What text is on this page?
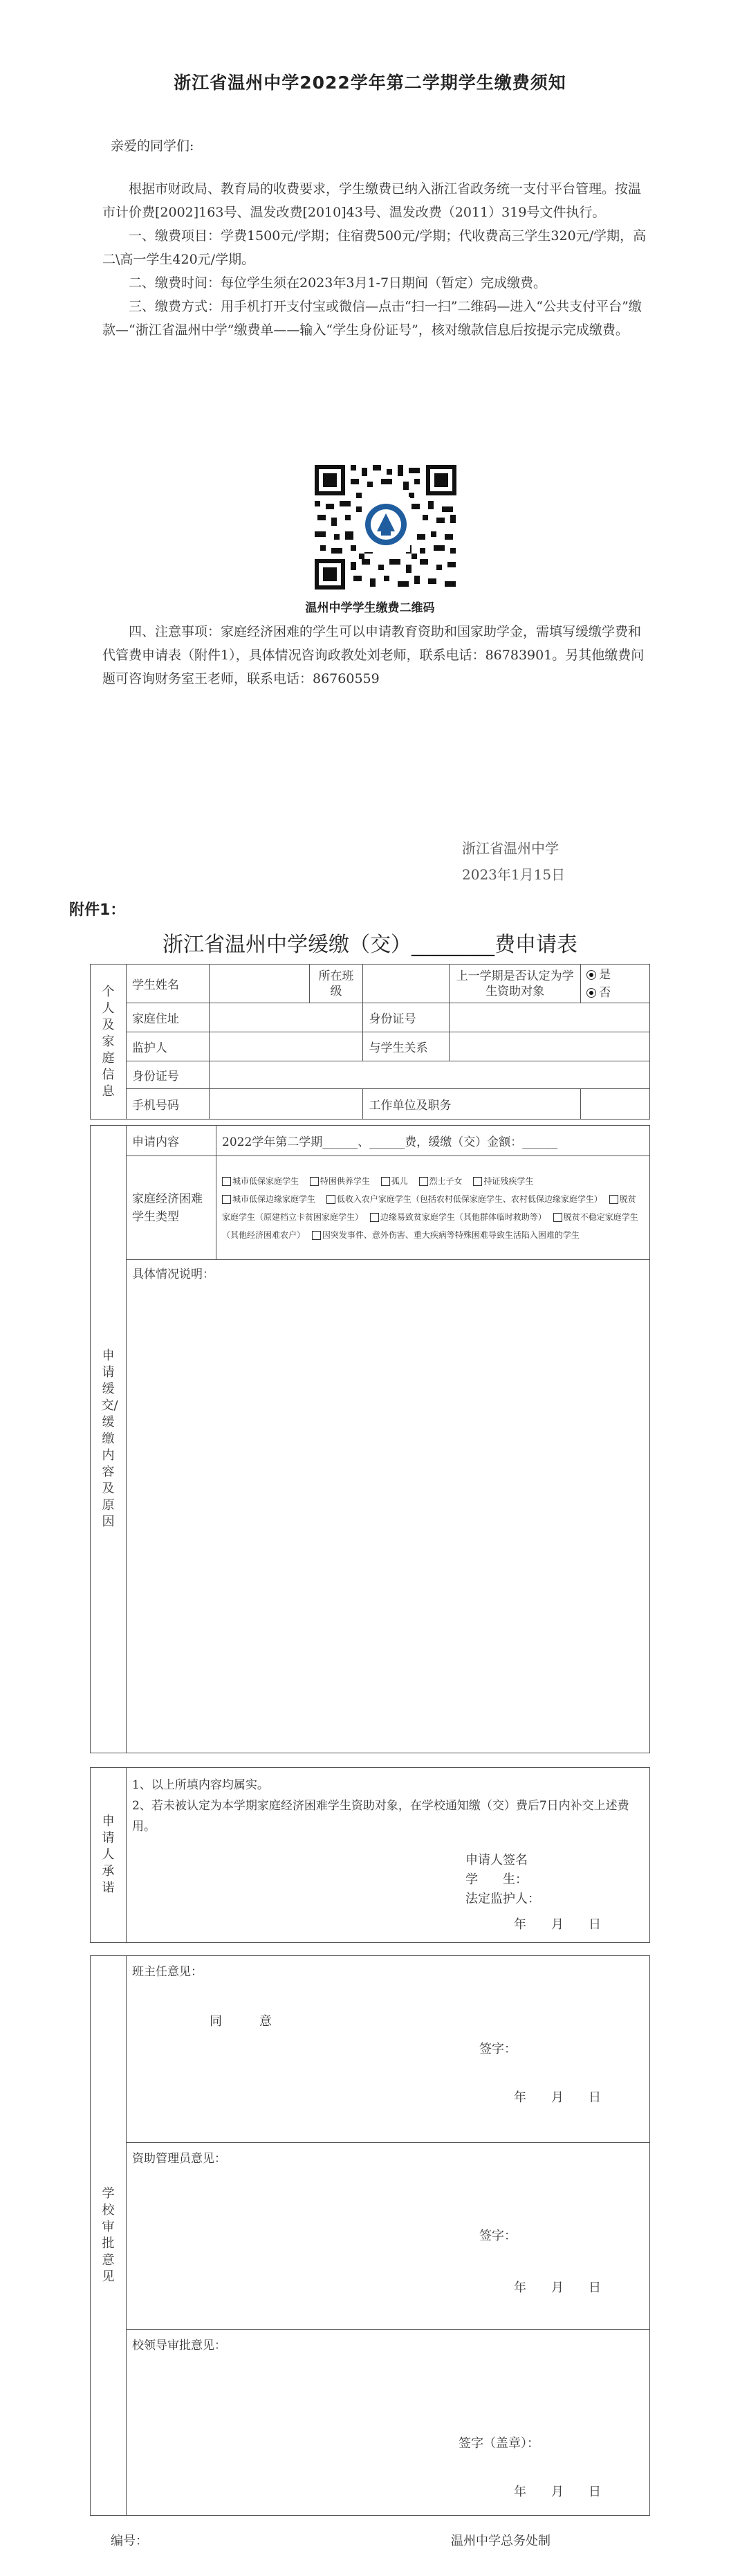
浙江省温州中学2022学年第二学期学生缴费须知
亲爱的同学们:

根据市财政局、教育局的收费要求，学生缴费已纳入浙江省政务统一支付平台管理。按温市计价费[2002]163号、温发改费[2010]43号、温发改费（2011）319号文件执行。

一、缴费项目：学费1500元/学期；住宿费500元/学期；代收费高三学生320元/学期，高二\高一学生420元/学期。

二、缴费时间：每位学生须在2023年3月1-7日期间（暂定）完成缴费。

三、缴费方式：用手机打开支付宝或微信—点击“扫一扫”二维码—进入“公共支付平台”缴款—“浙江省温州中学”缴费单——输入“学生身份证号”，核对缴款信息后按提示完成缴费。

温州中学学生缴费二维码

四、注意事项：家庭经济困难的学生可以申请教育资助和国家助学金，需填写缓缴学费和代管费申请表（附件1），具体情况咨询政教处刘老师，联系电话：86783901。另其他缴费问题可咨询财务室王老师，联系电话：86760559

浙江省温州中学
2023年1月15日
附件1：
浙江省温州中学缓缴（交）________费申请表
个人及家庭信息	学生姓名		所在班级		上一学期是否认定为学生资助对象	是
否

	家庭住址			身份证号		
	监护人			与学生关系		
	身份证号					
	手机号码			工作单位及职务		
申请缓交/缓缴内容及原因	申请内容	2022学年第二学期______、______费，缓缴（交）金额：______
	家庭经济困难学生类型	城市低保家庭学生　 特困供养学生　 孤儿　 烈士子女　 持证残疾学生
城市低保边缘家庭学生　 低收入农户家庭学生（包括农村低保家庭学生、农村低保边缘家庭学生）　 脱贫家庭学生（原建档立卡贫困家庭学生）　 边缘易致贫家庭学生（其他群体临时救助等）　 脱贫不稳定家庭学生（其他经济困难农户）　 因突发事件、意外伤害、重大疾病等特殊困难导致生活陷入困难的学生
	具体情况说明：	
申请人承诺

1、以上所填内容均属实。
2、若未被认定为本学期家庭经济困难学生资助对象，在学校通知缴（交）费后7日内补交上述费用。
申请人签名
学　　生：
法定监护人：
年　　月　　日
学校审批意见

班主任意见：
同　　　意
签字：
年　　月　　日

资助管理员意见：
签字：
年　　月　　日

校领导审批意见：
签字（盖章）：
年　　月　　日
编号：	温州中学总务处制
